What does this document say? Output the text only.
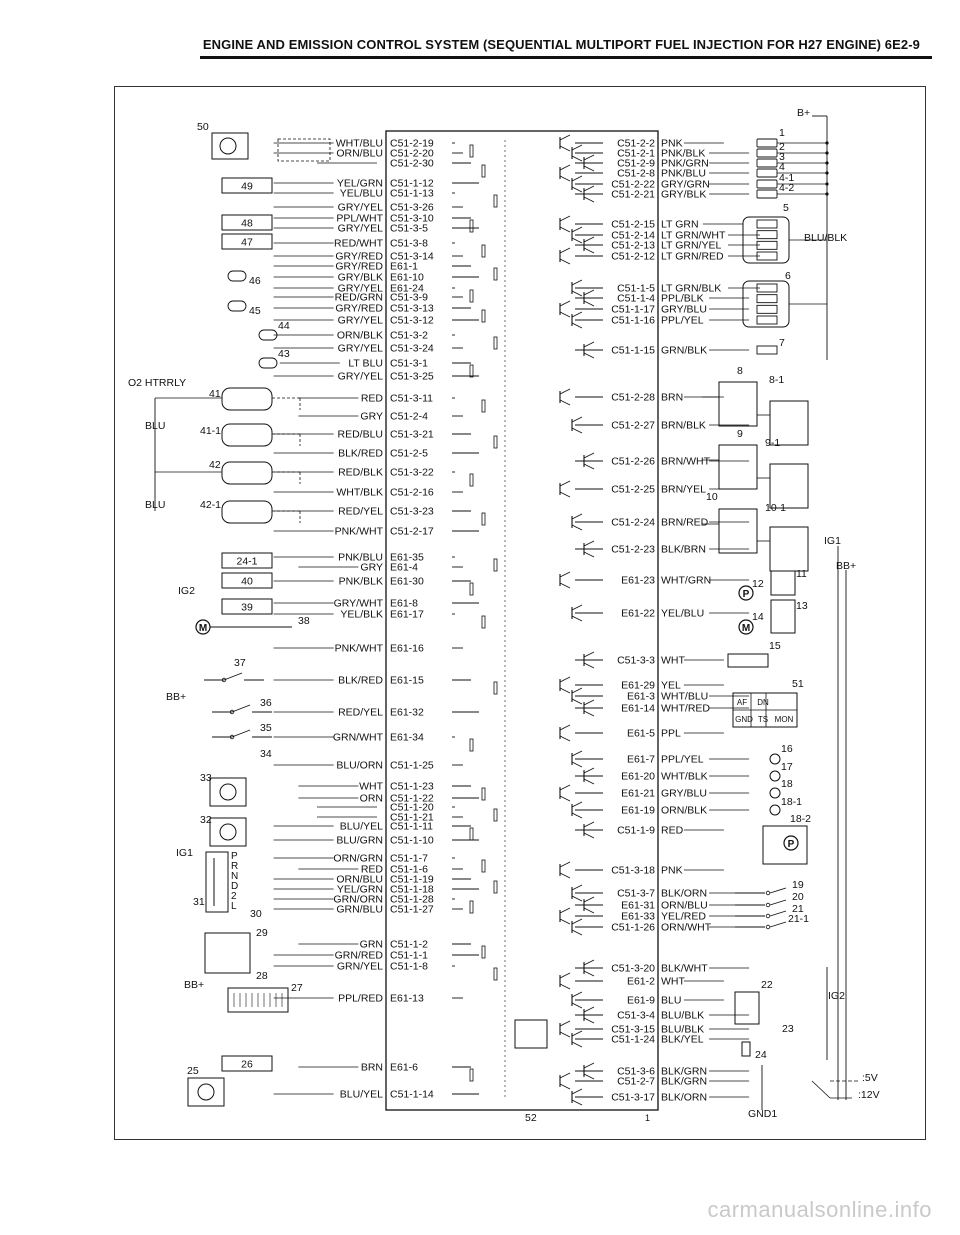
ENGINE AND EMISSION CONTROL SYSTEM (SEQUENTIAL MULTIPORT FUEL INJECTION FOR H27 ENGINE) 6E2-9
WHT/BLU C51-2-19
ORN/BLU C51-2-20
C51-2-30
YEL/GRN C51-1-12
YEL/BLU C51-1-13
GRY/YEL C51-3-26
PPL/WHT C51-3-10
GRY/YEL C51-3-5
RED/WHT C51-3-8
GRY/RED C51-3-14
GRY/RED E61-1
GRY/BLK E61-10
GRY/YEL E61-24
RED/GRN C51-3-9
GRY/RED C51-3-13
GRY/YEL C51-3-12
ORN/BLK C51-3-2
GRY/YEL C51-3-24
LT BLU C51-3-1
GRY/YEL C51-3-25
RED C51-3-11
GRY C51-2-4
RED/BLU C51-3-21
BLK/RED C51-2-5
RED/BLK C51-3-22
WHT/BLK C51-2-16
RED/YEL C51-3-23
PNK/WHT C51-2-17
PNK/BLU E61-35
GRY E61-4
PNK/BLK E61-30
GRY/WHT E61-8
YEL/BLK E61-17
PNK/WHT E61-16
BLK/RED E61-15
RED/YEL E61-32
GRN/WHT E61-34
BLU/ORN C51-1-25
WHT C51-1-23
ORN C51-1-22
C51-1-20
C51-1-21
BLU/YEL C51-1-11
BLU/GRN C51-1-10
ORN/GRN C51-1-7
RED C51-1-6
ORN/BLU C51-1-19
YEL/GRN C51-1-18
GRN/ORN C51-1-28
GRN/BLU C51-1-27
GRN C51-1-2
GRN/RED C51-1-1
GRN/YEL C51-1-8
PPL/RED E61-13
BRN E61-6
BLU/YEL C51-1-14
C51-2-2 PNK
C51-2-1 PNK/BLK
C51-2-9 PNK/GRN
C51-2-8 PNK/BLU
C51-2-22 GRY/GRN
C51-2-21 GRY/BLK
C51-2-15 LT GRN
C51-2-14 LT GRN/WHT
C51-2-13 LT GRN/YEL
C51-2-12 LT GRN/RED
C51-1-5 LT GRN/BLK
C51-1-4 PPL/BLK
C51-1-17 GRY/BLU
C51-1-16 PPL/YEL
C51-1-15 GRN/BLK
C51-2-28 BRN
C51-2-27 BRN/BLK
C51-2-26 BRN/WHT
C51-2-25 BRN/YEL
C51-2-24 BRN/RED
C51-2-23 BLK/BRN
E61-23 WHT/GRN
E61-22 YEL/BLU
C51-3-3 WHT
E61-29 YEL
E61-3 WHT/BLU
E61-14 WHT/RED
E61-5 PPL
E61-7 PPL/YEL
E61-20 WHT/BLK
E61-21 GRY/BLU
E61-19 ORN/BLK
C51-1-9 RED
C51-3-18 PNK
C51-3-7 BLK/ORN
E61-31 ORN/BLU
E61-33 YEL/RED
C51-1-26 ORN/WHT
C51-3-20 BLK/WHT
E61-2 WHT
E61-9 BLU
C51-3-4 BLU/BLK
C51-3-15 BLU/BLK
C51-1-24 BLK/YEL
C51-3-6 BLK/GRN
C51-2-7 BLK/GRN
C51-3-17 BLK/ORN
49
48
47
24-1
40
39
26
50
46
45
44
43
41
41-1
42
42-1
38
37
36
35
34
33
32
31
30
29
28
27
25
52
1
2
3
4
4-1
4-2
5
6
7
8
8-1
9
9-1
10
10-1
11
12
13
14
15
16
17
18
18-1
18-2
19
20
21
21-1
22
23
24
51
O2 HTRRLY
BLU
BLU
IG2
BB+
IG1
BB+
B+
BLU/BLK
IG1
BB+
IG2
GND1
:5V
:12V
AF DN
GND TS MON
P
R
N
D
2
L
M
P
M
P
1
carmanualsonline.info
